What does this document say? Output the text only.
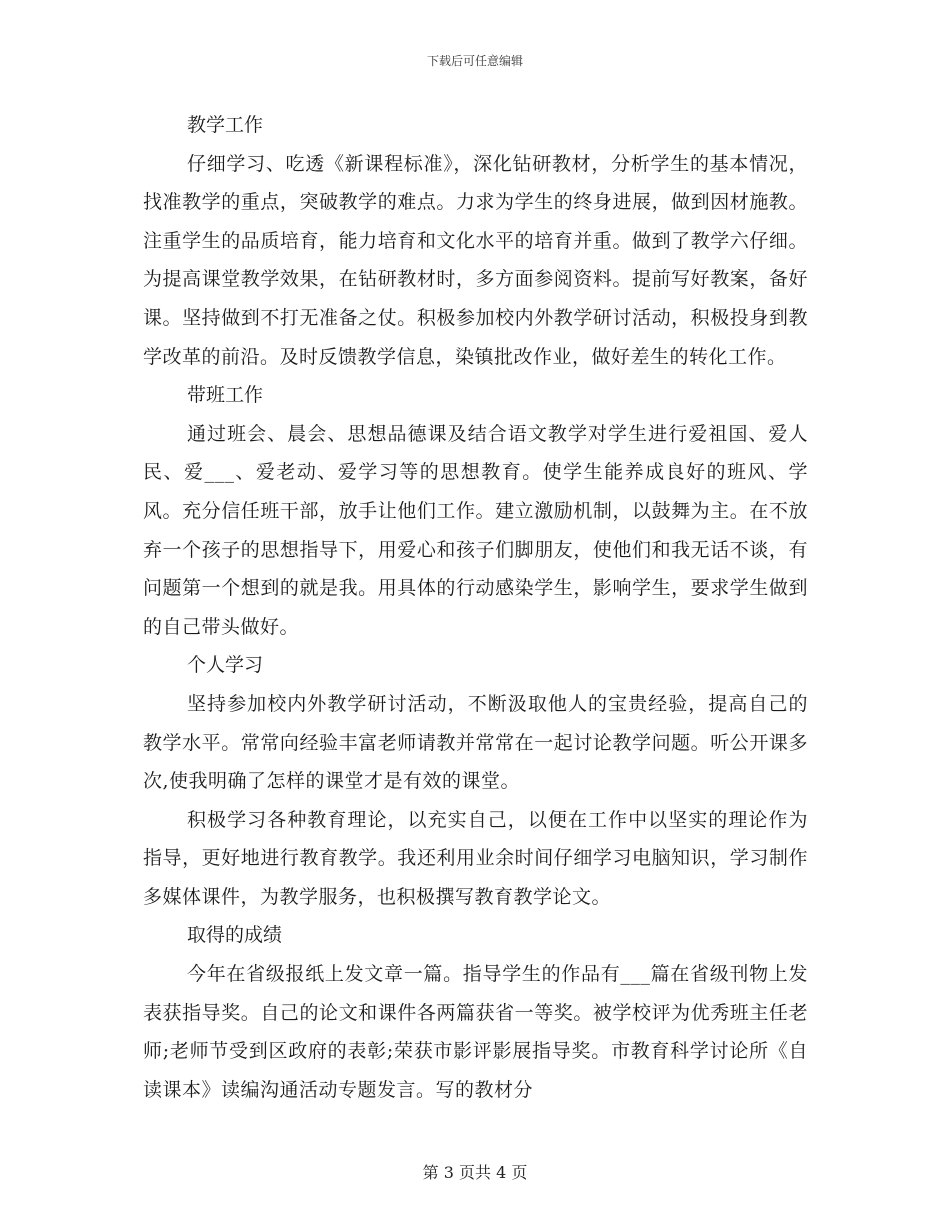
下载后可任意编辑
教学工作

仔细学习、吃透《新课程标准》，深化钻研教材，分析学生的基本情况，找准教学的重点，突破教学的难点。力求为学生的终身进展，做到因材施教。注重学生的品质培育，能力培育和文化水平的培育并重。做到了教学六仔细。为提高课堂教学效果，在钻研教材时，多方面参阅资料。提前写好教案，备好课。坚持做到不打无准备之仗。积极参加校内外教学研讨活动，积极投身到教学改革的前沿。及时反馈教学信息，染镇批改作业，做好差生的转化工作。

带班工作

通过班会、晨会、思想品德课及结合语文教学对学生进行爱祖国、爱人民、爱___、爱老动、爱学习等的思想教育。使学生能养成良好的班风、学风。充分信任班干部，放手让他们工作。建立激励机制，以鼓舞为主。在不放弃一个孩子的思想指导下，用爱心和孩子们脚朋友，使他们和我无话不谈，有问题第一个想到的就是我。用具体的行动感染学生，影响学生，要求学生做到的自己带头做好。

个人学习

坚持参加校内外教学研讨活动，不断汲取他人的宝贵经验，提高自己的教学水平。常常向经验丰富老师请教并常常在一起讨论教学问题。听公开课多次,使我明确了怎样的课堂才是有效的课堂。

积极学习各种教育理论，以充实自己，以便在工作中以坚实的理论作为指导，更好地进行教育教学。我还利用业余时间仔细学习电脑知识，学习制作多媒体课件，为教学服务，也积极撰写教育教学论文。

取得的成绩

今年在省级报纸上发文章一篇。指导学生的作品有___篇在省级刊物上发表获指导奖。自己的论文和课件各两篇获省一等奖。被学校评为优秀班主任老师;老师节受到区政府的表彰;荣获市影评影展指导奖。市教育科学讨论所《自读课本》读编沟通活动专题发言。写的教材分

第 3 页共 4 页
